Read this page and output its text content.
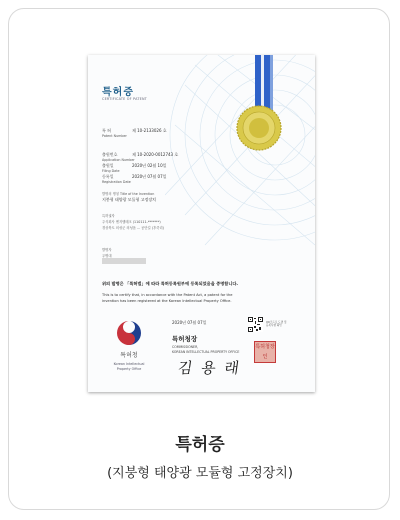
특허증
CERTIFICATE OF PATENT
특 허	제 10-2133026 호
Patent Number
출원번호	제 10-2020-0012743 호
Application Number
출원일	2020년 02월 10일
Filing Date
등록일	2020년 07월 07일
Registration Date
발명의 명칭 Title of the Invention
지붕형 태양광 모듈형 고정장치
특허권자
주식회사 엔지엠테크 (110111-*******)
경상북도 의성군 의성읍 ... 공단길 (후죽리)
발명자
우병대
위의 발명은 「특허법」에 따라 특허등록원부에 등록되었음을 증명합니다.
This is to certify that, in accordance with the Patent Act, a patent for the
invention has been registered at the Korean Intellectual Property Office.
특허청
Korean Intellectual
Property Office
2020년 07월 07일
특허청장
COMMISSIONER,
KOREAN INTELLECTUAL PROPERTY OFFICE
김 용 래
QR코드로 도면 및
등록사항 확인
특허청장인
특허증
(지붕형 태양광 모듈형 고정장치)
